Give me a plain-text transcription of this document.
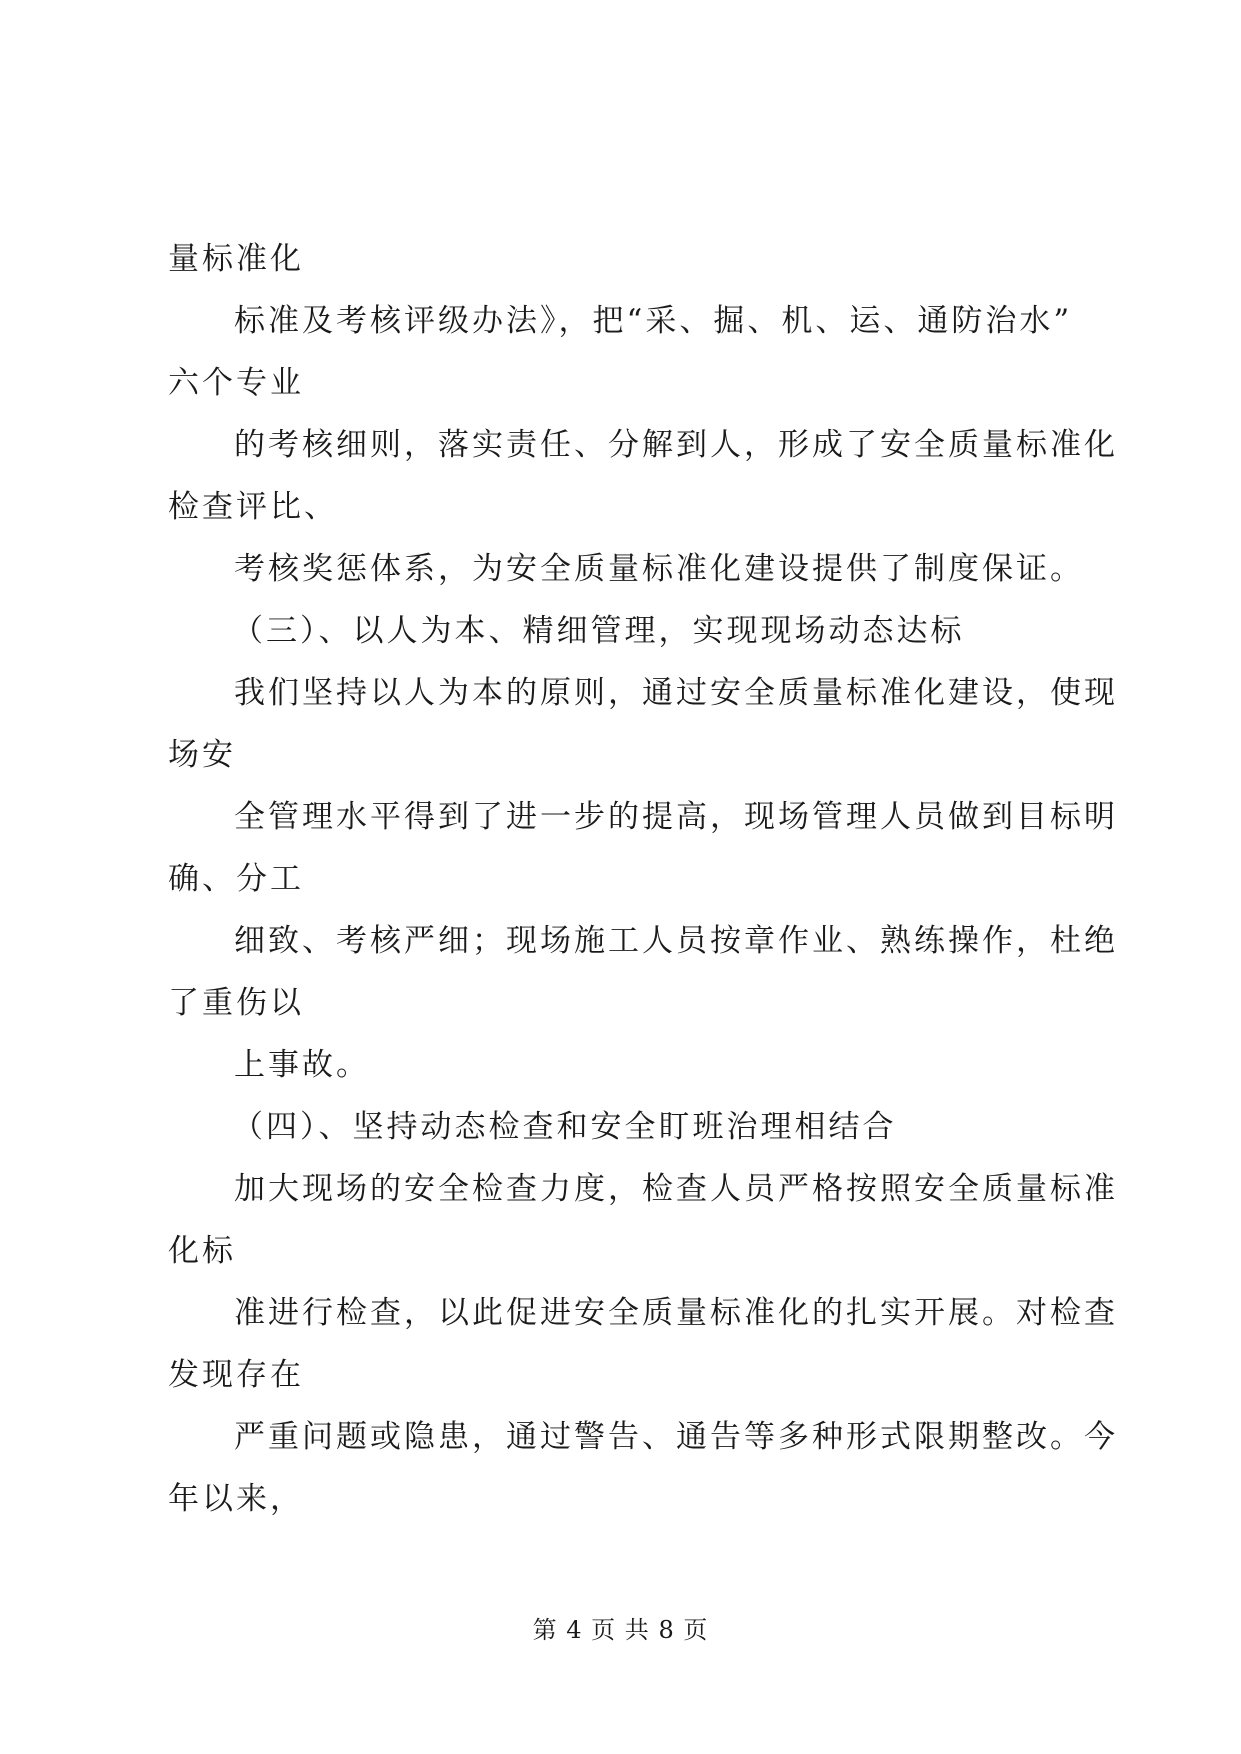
量标准化
标准及考核评级办法》，把“采、掘、机、运、通防治水”
六个专业
的考核细则，落实责任、分解到人，形成了安全质量标准化
检查评比、
考核奖惩体系，为安全质量标准化建设提供了制度保证。
（三）、以人为本、精细管理，实现现场动态达标
我们坚持以人为本的原则，通过安全质量标准化建设，使现
场安
全管理水平得到了进一步的提高，现场管理人员做到目标明
确、分工
细致、考核严细；现场施工人员按章作业、熟练操作，杜绝
了重伤以
上事故。
（四）、坚持动态检查和安全盯班治理相结合
加大现场的安全检查力度，检查人员严格按照安全质量标准
化标
准进行检查，以此促进安全质量标准化的扎实开展。对检查
发现存在
严重问题或隐患，通过警告、通告等多种形式限期整改。今
年以来，
第 4 页 共 8 页
